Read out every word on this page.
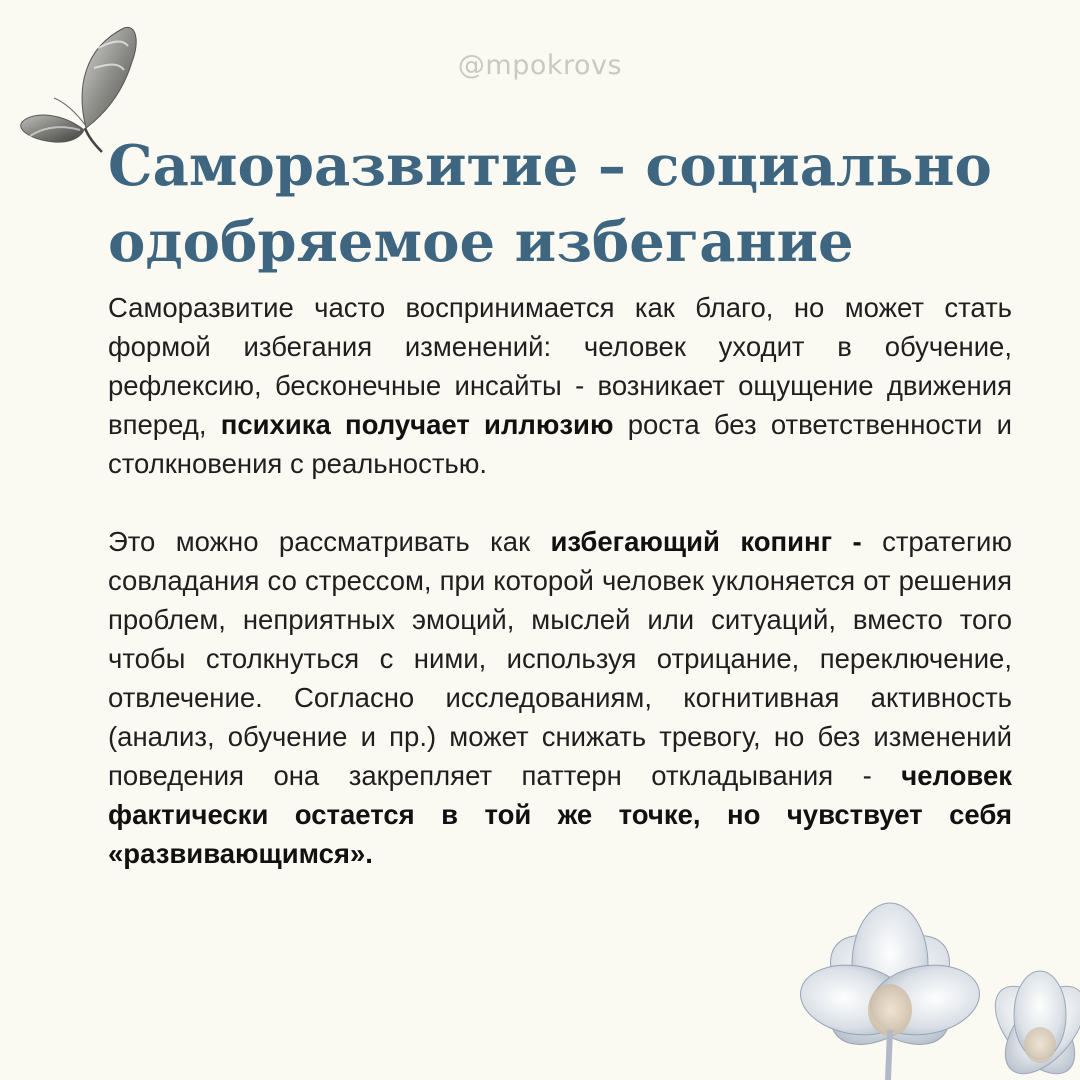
@mpokrovs
Саморазвитие – социально
одобряемое избегание

Саморазвитие часто воспринимается как благо, но может стать формой избегания изменений: человек уходит в обучение, рефлексию, бесконечные инсайты - возникает ощущение движения вперед, психика получает иллюзию роста без ответственности и столкновения с реальностью.

Это можно рассматривать как избегающий копинг - стратегию совладания со стрессом, при которой человек уклоняется от решения проблем, неприятных эмоций, мыслей или ситуаций, вместо того чтобы столкнуться с ними, используя отрицание, переключение, отвлечение. Согласно исследованиям, когнитивная активность (анализ, обучение и пр.) может снижать тревогу, но без изменений поведения она закрепляет паттерн откладывания - человек фактически остается в той же точке, но чувствует себя «развивающимся».
